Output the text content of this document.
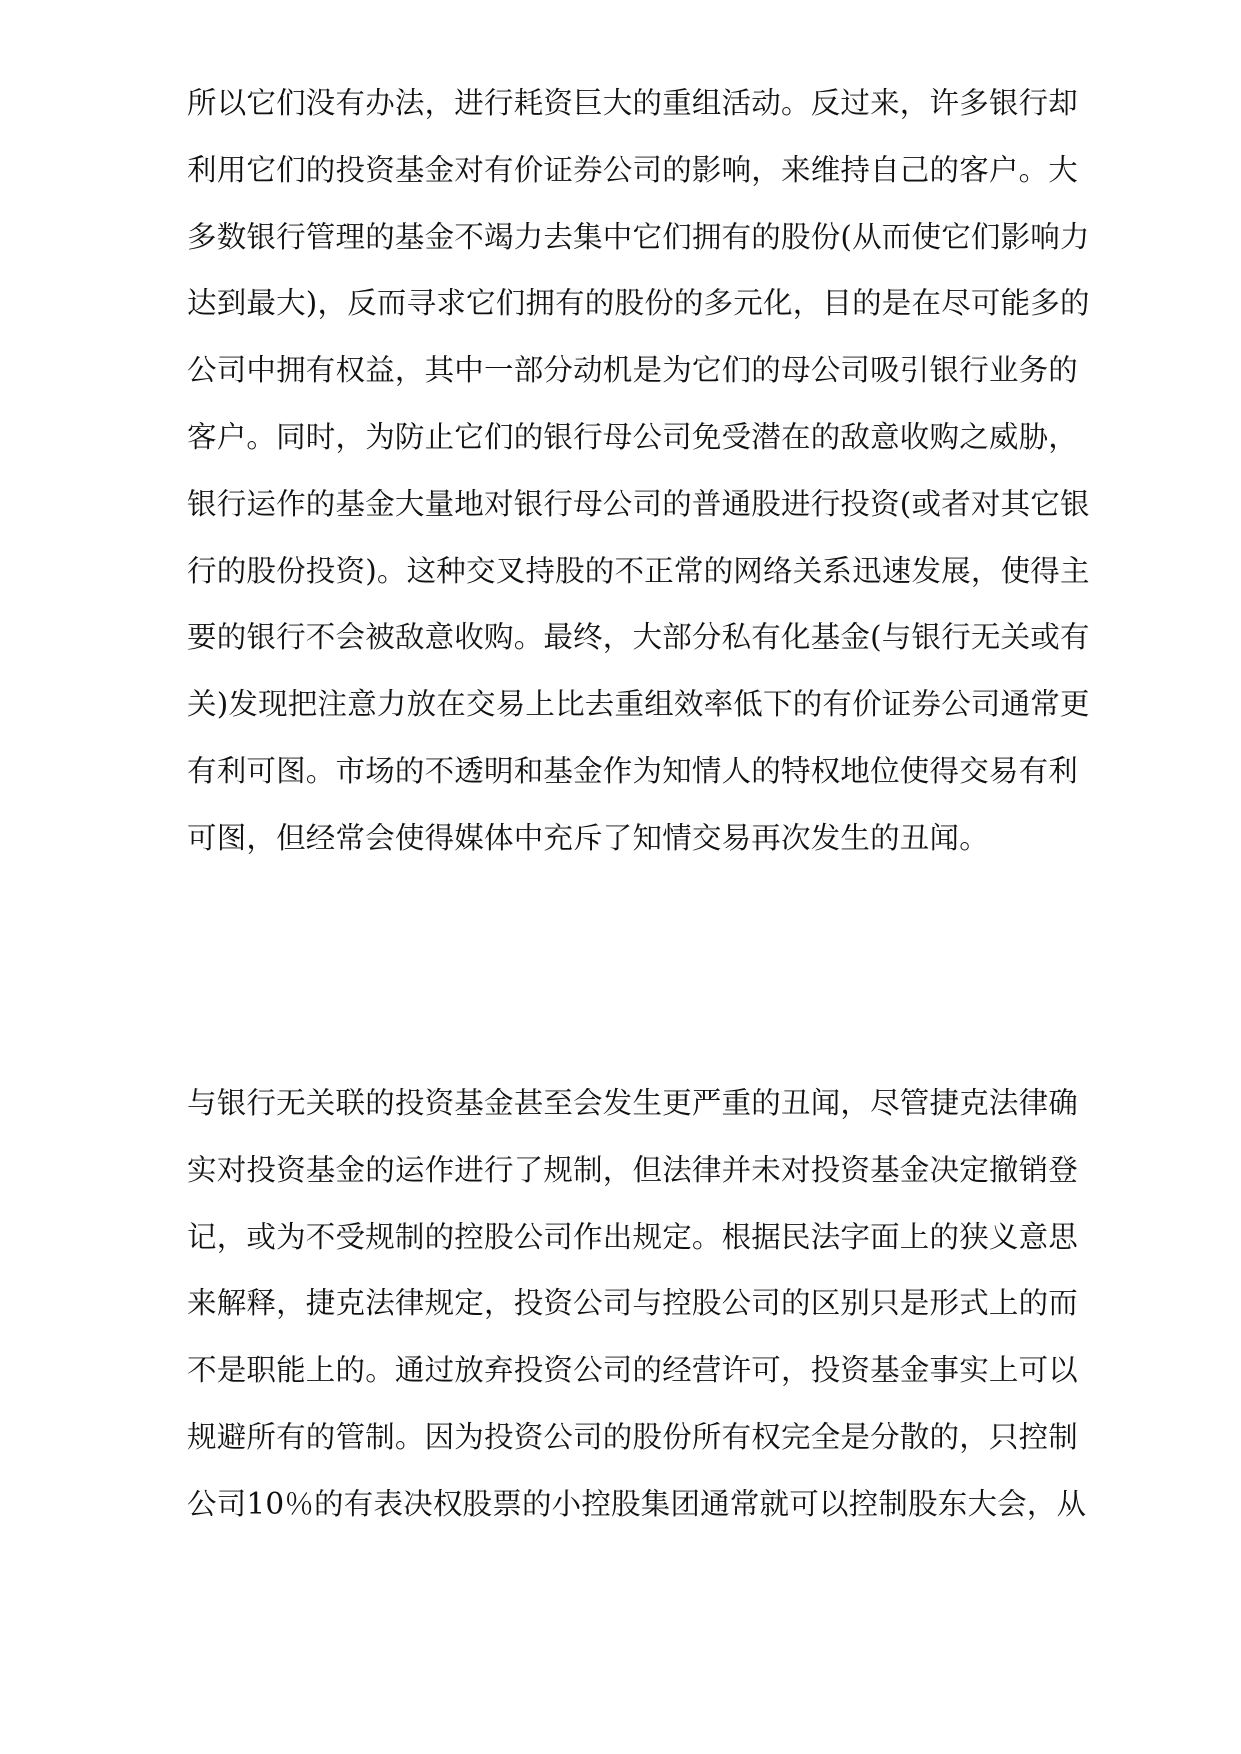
所以它们没有办法，进行耗资巨大的重组活动。反过来，许多银行却
利用它们的投资基金对有价证券公司的影响，来维持自己的客户。大
多数银行管理的基金不竭力去集中它们拥有的股份(从而使它们影响力
达到最大)，反而寻求它们拥有的股份的多元化，目的是在尽可能多的
公司中拥有权益，其中一部分动机是为它们的母公司吸引银行业务的
客户。同时，为防止它们的银行母公司免受潜在的敌意收购之威胁，
银行运作的基金大量地对银行母公司的普通股进行投资(或者对其它银
行的股份投资)。这种交叉持股的不正常的网络关系迅速发展，使得主
要的银行不会被敌意收购。最终，大部分私有化基金(与银行无关或有
关)发现把注意力放在交易上比去重组效率低下的有价证券公司通常更
有利可图。市场的不透明和基金作为知情人的特权地位使得交易有利
可图，但经常会使得媒体中充斥了知情交易再次发生的丑闻。

与银行无关联的投资基金甚至会发生更严重的丑闻，尽管捷克法律确
实对投资基金的运作进行了规制，但法律并未对投资基金决定撤销登
记，或为不受规制的控股公司作出规定。根据民法字面上的狭义意思
来解释，捷克法律规定，投资公司与控股公司的区别只是形式上的而
不是职能上的。通过放弃投资公司的经营许可，投资基金事实上可以
规避所有的管制。因为投资公司的股份所有权完全是分散的，只控制
公司10％的有表决权股票的小控股集团通常就可以控制股东大会，从
